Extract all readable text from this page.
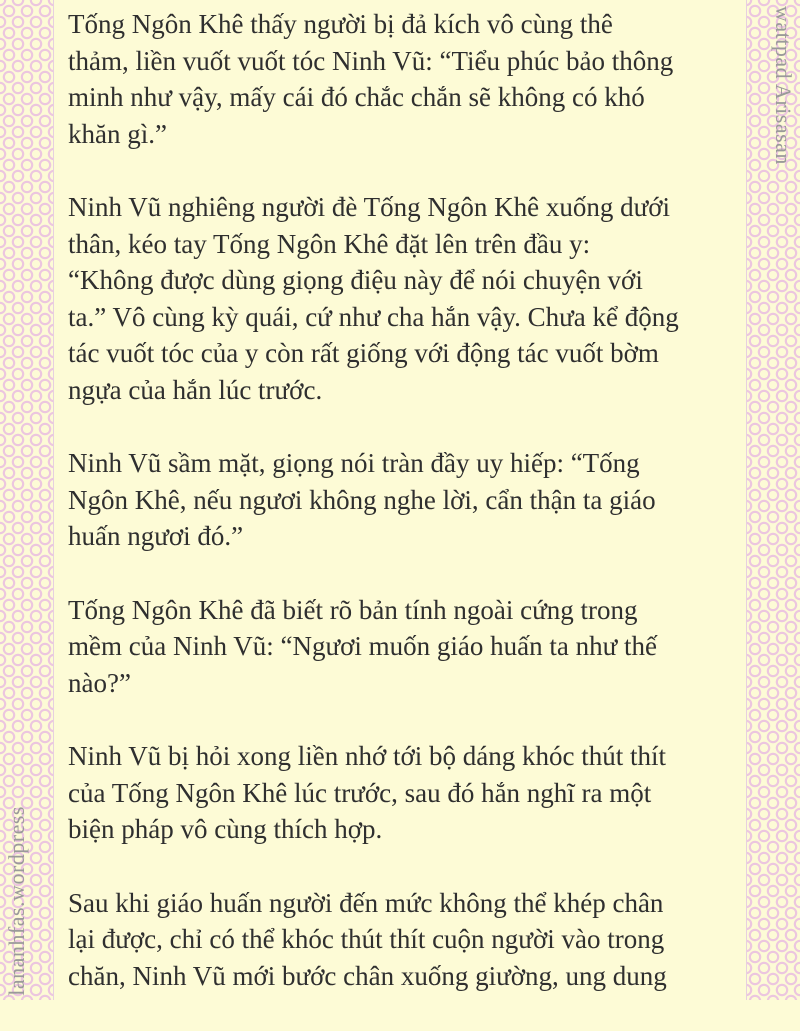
wattpad Arisasan
lananhfas.wordpress

Tống Ngôn Khê thấy người bị đả kích vô cùng thê
thảm, liền vuốt vuốt tóc Ninh Vũ: “Tiểu phúc bảo thông
minh như vậy, mấy cái đó chắc chắn sẽ không có khó
khăn gì.”

Ninh Vũ nghiêng người đè Tống Ngôn Khê xuống dưới
thân, kéo tay Tống Ngôn Khê đặt lên trên đầu y:
“Không được dùng giọng điệu này để nói chuyện với
ta.” Vô cùng kỳ quái, cứ như cha hắn vậy. Chưa kể động
tác vuốt tóc của y còn rất giống với động tác vuốt bờm
ngựa của hắn lúc trước.

Ninh Vũ sầm mặt, giọng nói tràn đầy uy hiếp: “Tống
Ngôn Khê, nếu ngươi không nghe lời, cẩn thận ta giáo
huấn ngươi đó.”

Tống Ngôn Khê đã biết rõ bản tính ngoài cứng trong
mềm của Ninh Vũ: “Ngươi muốn giáo huấn ta như thế
nào?”

Ninh Vũ bị hỏi xong liền nhớ tới bộ dáng khóc thút thít
của Tống Ngôn Khê lúc trước, sau đó hắn nghĩ ra một
biện pháp vô cùng thích hợp.

Sau khi giáo huấn người đến mức không thể khép chân
lại được, chỉ có thể khóc thút thít cuộn người vào trong
chăn, Ninh Vũ mới bước chân xuống giường, ung dung
